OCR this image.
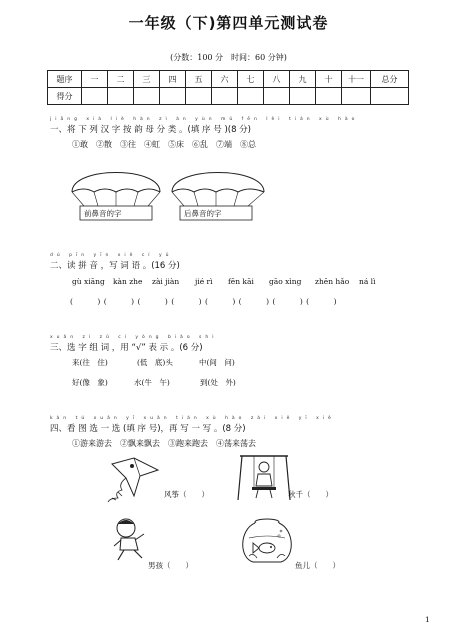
一年级（下)第四单元测试卷
(分数：100 分　时间：60 分钟)
题序	一	二	三	四	五	六	七	八	九	十	十一	总分
得分												
jiāng xià liè hàn zì àn yùn mǔ fēn lèi tián xù hào
一、将 下 列 汉 字 按 韵 母 分 类 。(填 序 号 )(8 分)
①敢　②散　③往　④虹　⑤床　⑥乱　⑦端　⑧总
前鼻音的字	后鼻音的字
dú pīn yīn xiě cí yǔ
二、读 拼 音 ，写 词 语 。(16 分)
gù xiāng kàn zhe zài jiàn jié rì fēn kāi gāo xìng zhēn hǎo ná lì
(　　　) (　　　) (　　　) (　　　) (　　　) (　　　) (　　　) (　　　)
xuǎn zì zǔ cí yòng biǎo shì
三、选 字 组 词 ，用 “√” 表 示 。(6 分)
来(往　住)	(低　底)头	中(间　问)
好(像　象)	水(牛　午)	到(处　外)
kàn tú xuǎn yī xuǎn tián xù hào zài xiě yī xiě
四、看 图 选 一 选 (填 序 号)，再 写 一 写 。(8 分)
①游来游去　②飘来飘去　③跑来跑去　④荡来荡去
风筝（　　）	秋千（　　）
男孩（　　）	鱼儿（　　）
1
